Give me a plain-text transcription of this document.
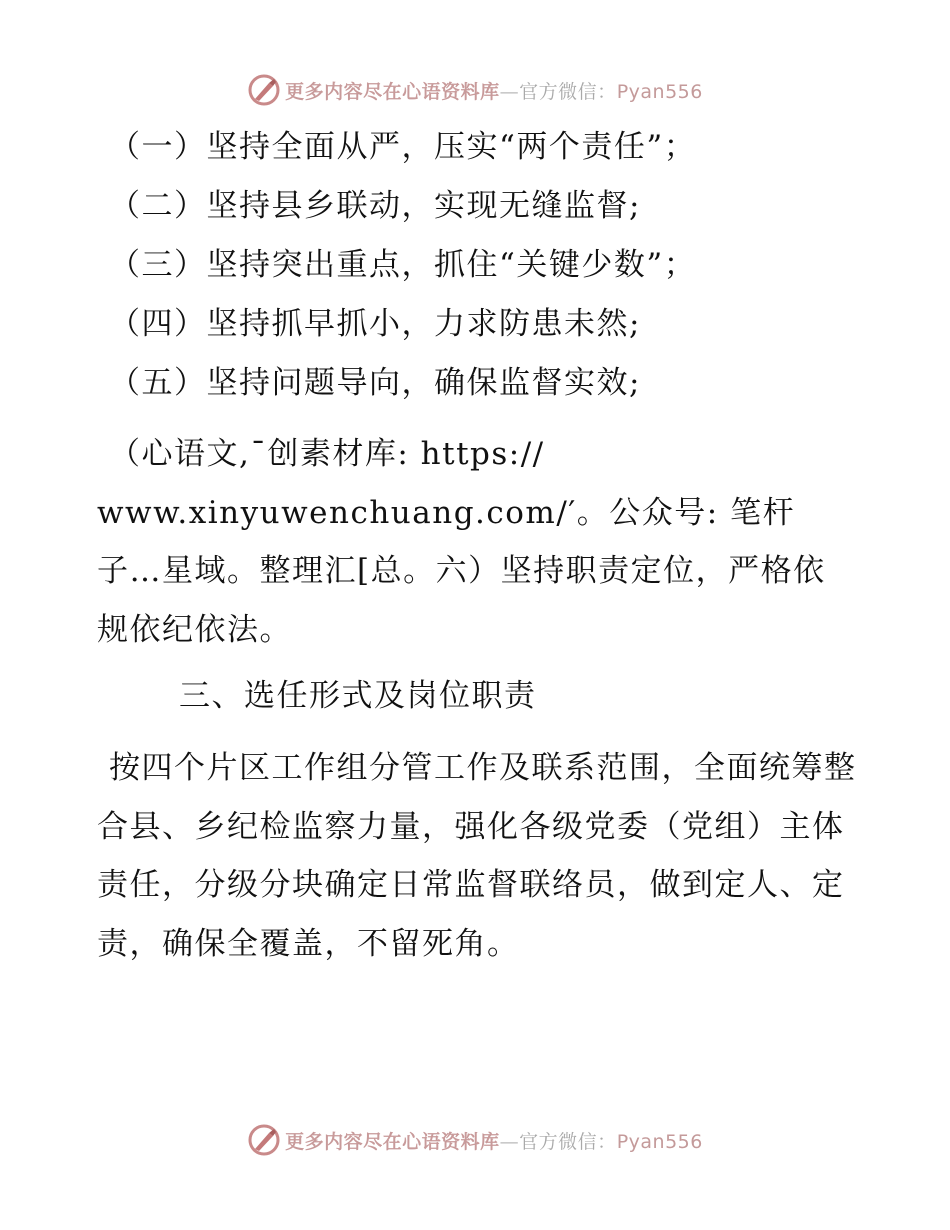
更多内容尽在心语资料库—官方微信：Pyan556
（一）坚持全面从严，压实“两个责任”；
（二）坚持县乡联动，实现无缝监督;
（三）坚持突出重点，抓住“关键少数”；
（四）坚持抓早抓小，力求防患未然;
（五）坚持问题导向，确保监督实效;
（心语文,¯创素材库: https://
www.xinyuwenchuang.com/′。公众号: 笔杆子…星域。整理汇[总。六）坚持职责定位，严格依规依纪依法。
三、选任形式及岗位职责
按四个片区工作组分管工作及联系范围，全面统筹整合县、乡纪检监察力量，强化各级党委（党组）主体责任，分级分块确定日常监督联络员，做到定人、定责，确保全覆盖，不留死角。
更多内容尽在心语资料库—官方微信：Pyan556
